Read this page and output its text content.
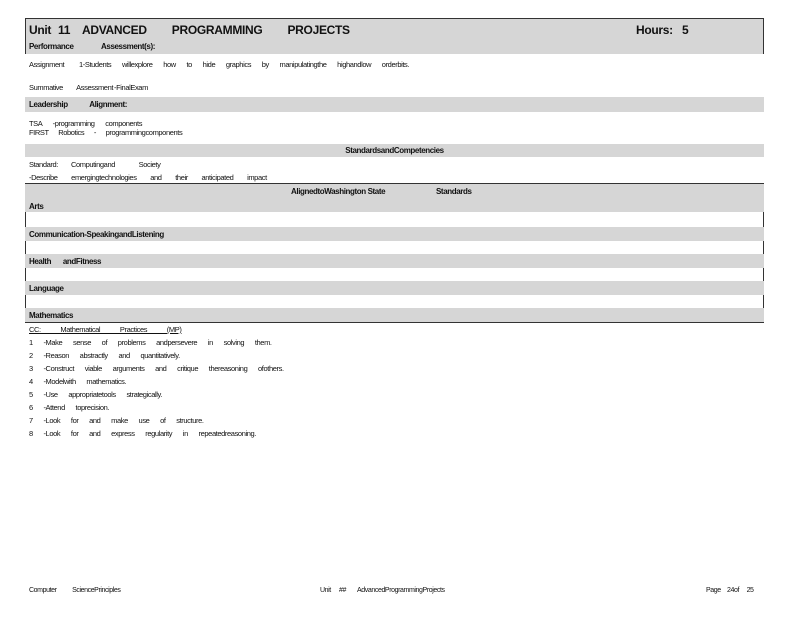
Unit 11 ADVANCED PROGRAMMING PROJECTS	Hours: 5
Performance Assessment(s):
Assignment 1-Students willexplore how to hide graphics by manipulatingthe highandlow orderbits.
Summative Assessment -FinalExam
Leadership Alignment:
TSA -programming components
FIRST Robotics - programmingcomponents
StandardsandCompetencies
Standard: Computingand Society
-Describe emergingtechnologies and their anticipated impact
AlignedtoWashington State	Standards
Arts
Communication-SpeakingandListening
Health andFitness
Language
Mathematics
CC: Mathematical Practices (MP)
1 -Make sense of problems andpersevere in solving them.
2 -Reason abstractly and quantitatively.
3 -Construct viable arguments and critique thereasoning ofothers.
4 -Modelwith mathematics.
5 -Use appropriatetools strategically.
6 -Attend toprecision.
7 -Look for and make use of structure.
8 -Look for and express regularity in repeatedreasoning.
Computer SciencePrinciples	Unit ## AdvancedProgrammingProjects	Page 24of 25
